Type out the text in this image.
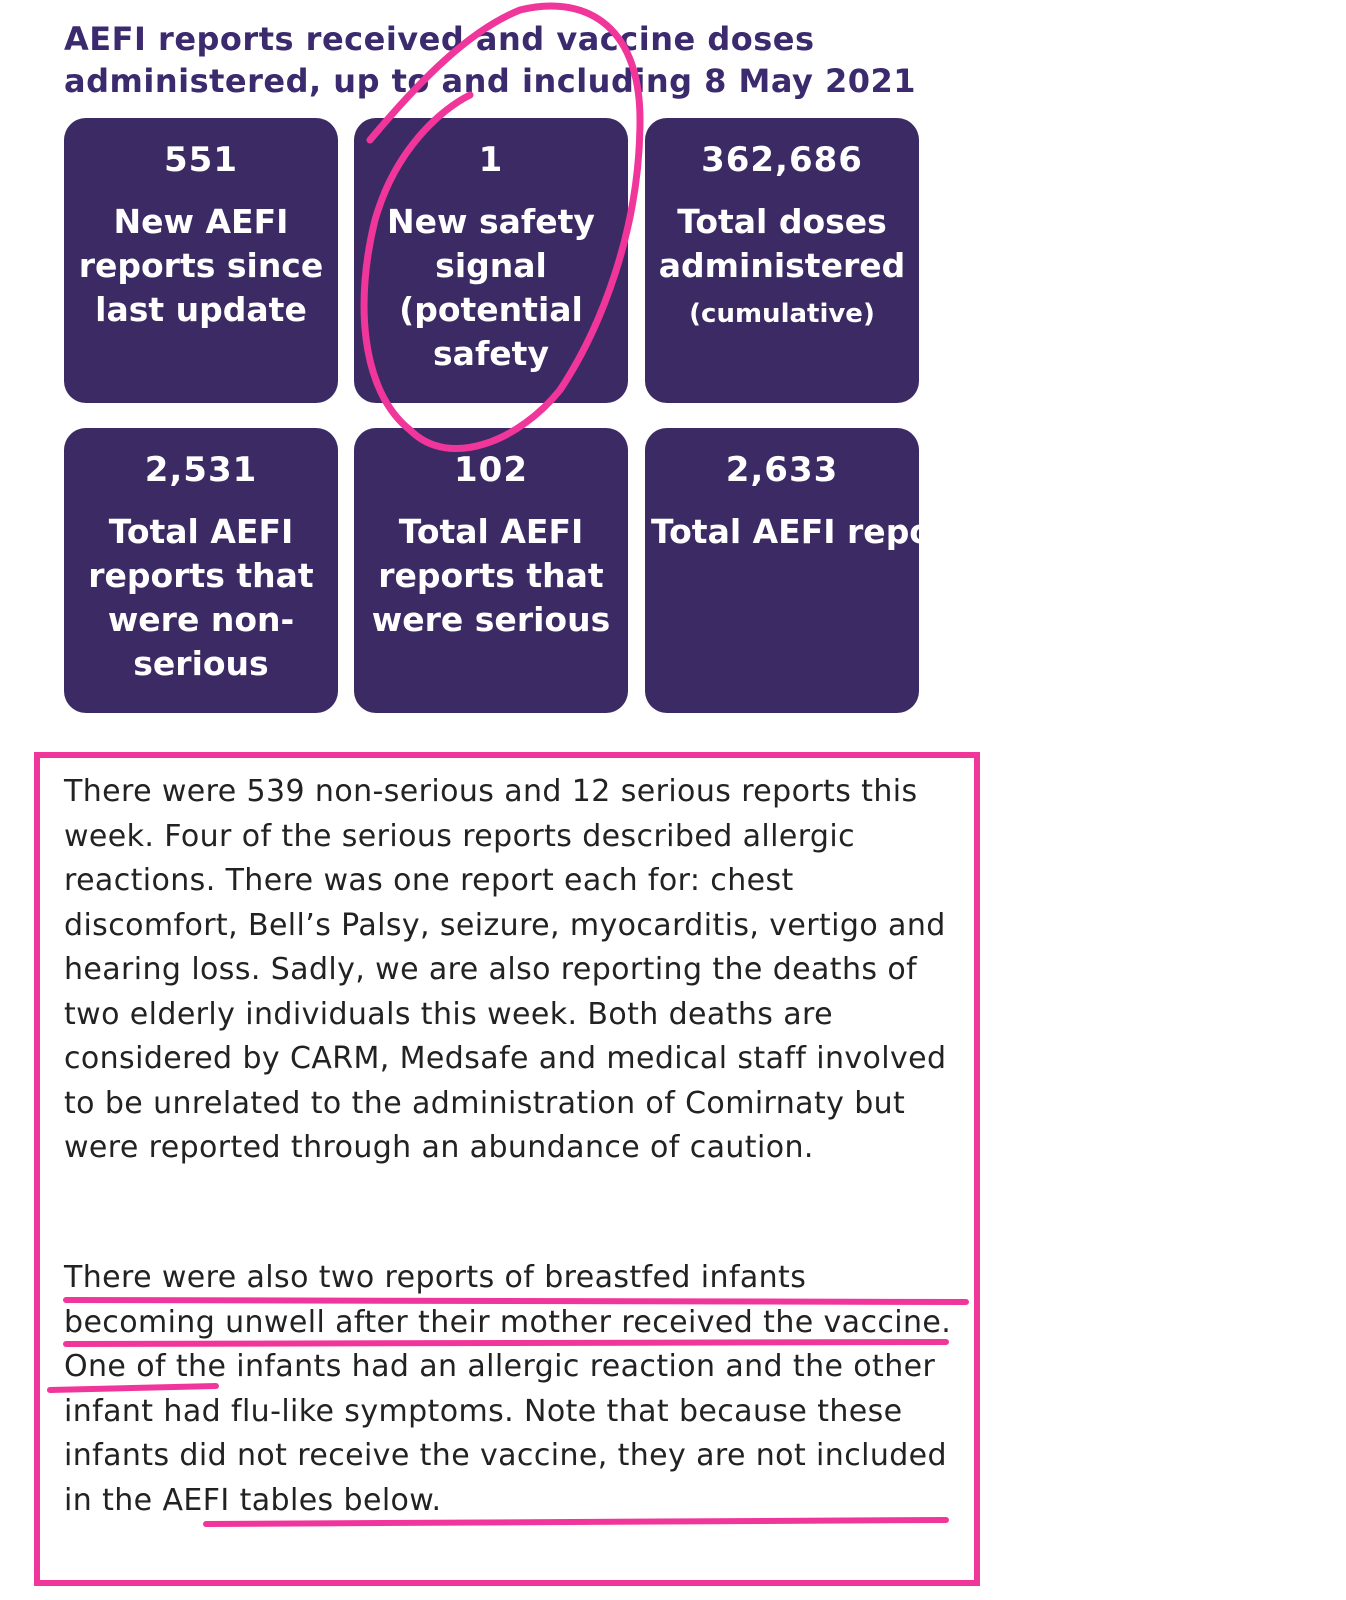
AEFI reports received and vaccine doses
administered, up to and including 8 May 2021
551
New AEFI reports since last update
1
New safety signal (potential safety
362,686
Total doses administered
(cumulative)
2,531
Total AEFI reports that were non-serious
102
Total AEFI reports that were serious
2,633
Total AEFI reports that were received
There were 539 non-serious and 12 serious reports this week. Four of the serious reports described allergic reactions. There was one report each for: chest discomfort, Bell’s Palsy, seizure, myocarditis, vertigo and hearing loss. Sadly, we are also reporting the deaths of two elderly individuals this week. Both deaths are considered by CARM, Medsafe and medical staff involved to be unrelated to the administration of Comirnaty but were reported through an abundance of caution.
There were also two reports of breastfed infants becoming unwell after their mother received the vaccine. One of the infants had an allergic reaction and the other infant had flu-like symptoms. Note that because these infants did not receive the vaccine, they are not included in the AEFI tables below.
